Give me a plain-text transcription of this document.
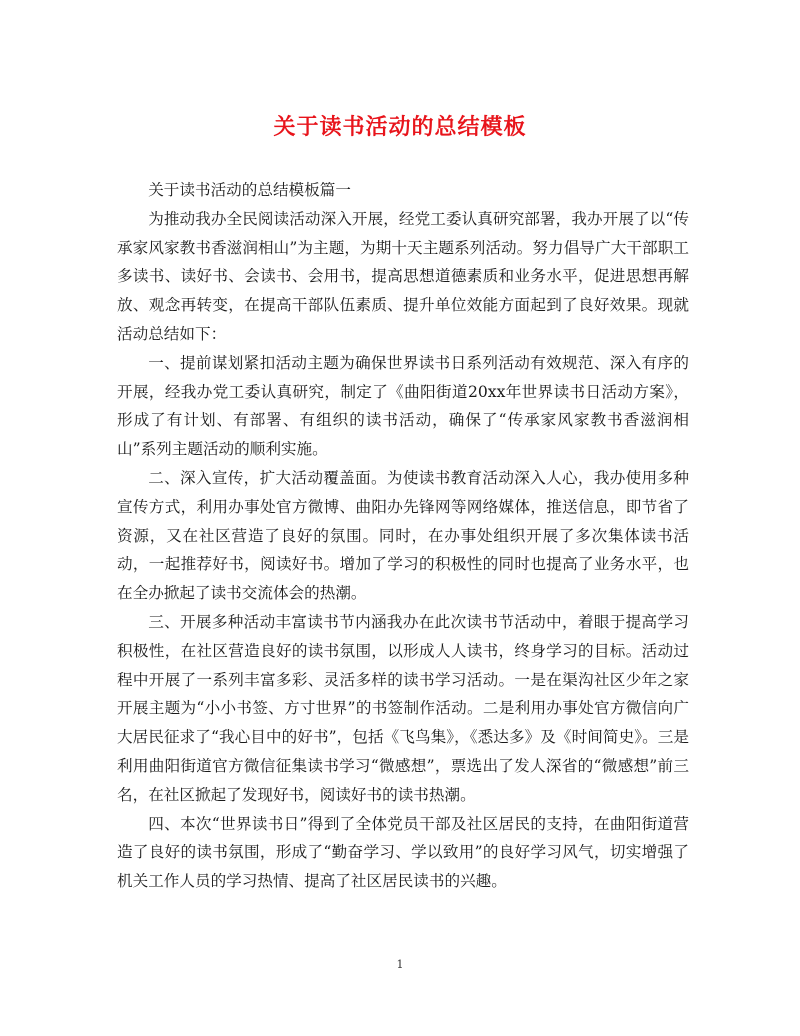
关于读书活动的总结模板

关于读书活动的总结模板篇一

为推动我办全民阅读活动深入开展，经党工委认真研究部署，我办开展了以“传承家风家教书香滋润相山”为主题，为期十天主题系列活动。努力倡导广大干部职工多读书、读好书、会读书、会用书，提高思想道德素质和业务水平，促进思想再解放、观念再转变，在提高干部队伍素质、提升单位效能方面起到了良好效果。现就活动总结如下：

一、提前谋划紧扣活动主题为确保世界读书日系列活动有效规范、深入有序的开展，经我办党工委认真研究，制定了《曲阳街道20xx年世界读书日活动方案》，形成了有计划、有部署、有组织的读书活动，确保了“传承家风家教书香滋润相山”系列主题活动的顺利实施。

二、深入宣传，扩大活动覆盖面。为使读书教育活动深入人心，我办使用多种宣传方式，利用办事处官方微博、曲阳办先锋网等网络媒体，推送信息，即节省了资源，又在社区营造了良好的氛围。同时，在办事处组织开展了多次集体读书活动，一起推荐好书，阅读好书。增加了学习的积极性的同时也提高了业务水平，也在全办掀起了读书交流体会的热潮。

三、开展多种活动丰富读书节内涵我办在此次读书节活动中，着眼于提高学习积极性，在社区营造良好的读书氛围，以形成人人读书，终身学习的目标。活动过程中开展了一系列丰富多彩、灵活多样的读书学习活动。一是在渠沟社区少年之家开展主题为“小小书签、方寸世界”的书签制作活动。二是利用办事处官方微信向广大居民征求了“我心目中的好书”，包括《飞鸟集》，《悉达多》及《时间简史》。三是利用曲阳街道官方微信征集读书学习“微感想”，票选出了发人深省的“微感想”前三名，在社区掀起了发现好书，阅读好书的读书热潮。

四、本次“世界读书日”得到了全体党员干部及社区居民的支持，在曲阳街道营造了良好的读书氛围，形成了“勤奋学习、学以致用”的良好学习风气，切实增强了机关工作人员的学习热情、提高了社区居民读书的兴趣。

1
